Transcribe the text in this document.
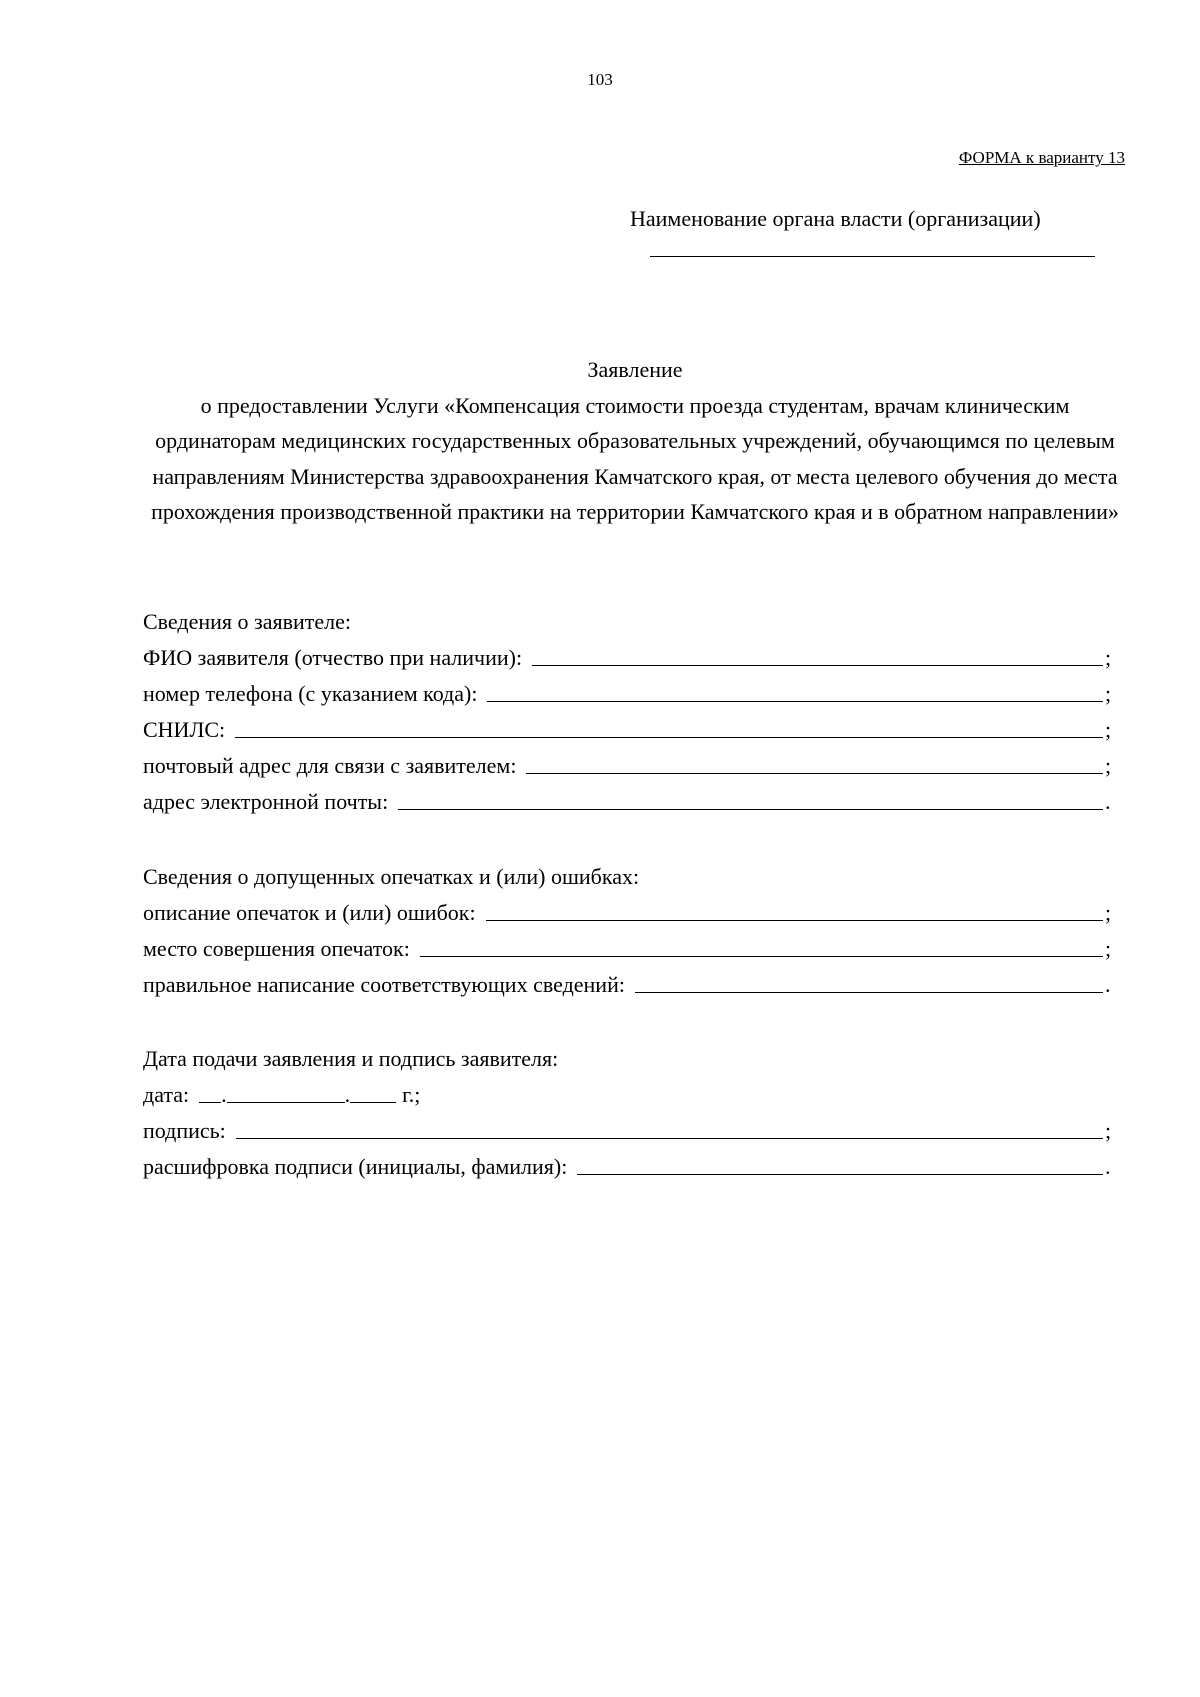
103
ФОРМА к варианту 13
Наименование органа власти (организации)
Заявление
о предоставлении Услуги «Компенсация стоимости проезда студентам, врачам клиническим ординаторам медицинских государственных образовательных учреждений, обучающимся по целевым направлениям Министерства здравоохранения Камчатского края, от места целевого обучения до места прохождения производственной практики на территории Камчатского края и в обратном направлении»
Сведения о заявителе:
ФИО заявителя (отчество при наличии):	;
номер телефона (с указанием кода):	;
СНИЛС:	;
почтовый адрес для связи с заявителем:	;
адрес электронной почты:	.
Сведения о допущенных опечатках и (или) ошибках:
описание опечаток и (или) ошибок:	;
место совершения опечаток:	;
правильное написание соответствующих сведений:	.
Дата подачи заявления и подпись заявителя:
дата:	.	. г.;
подпись:	;
расшифровка подписи (инициалы, фамилия):	.
